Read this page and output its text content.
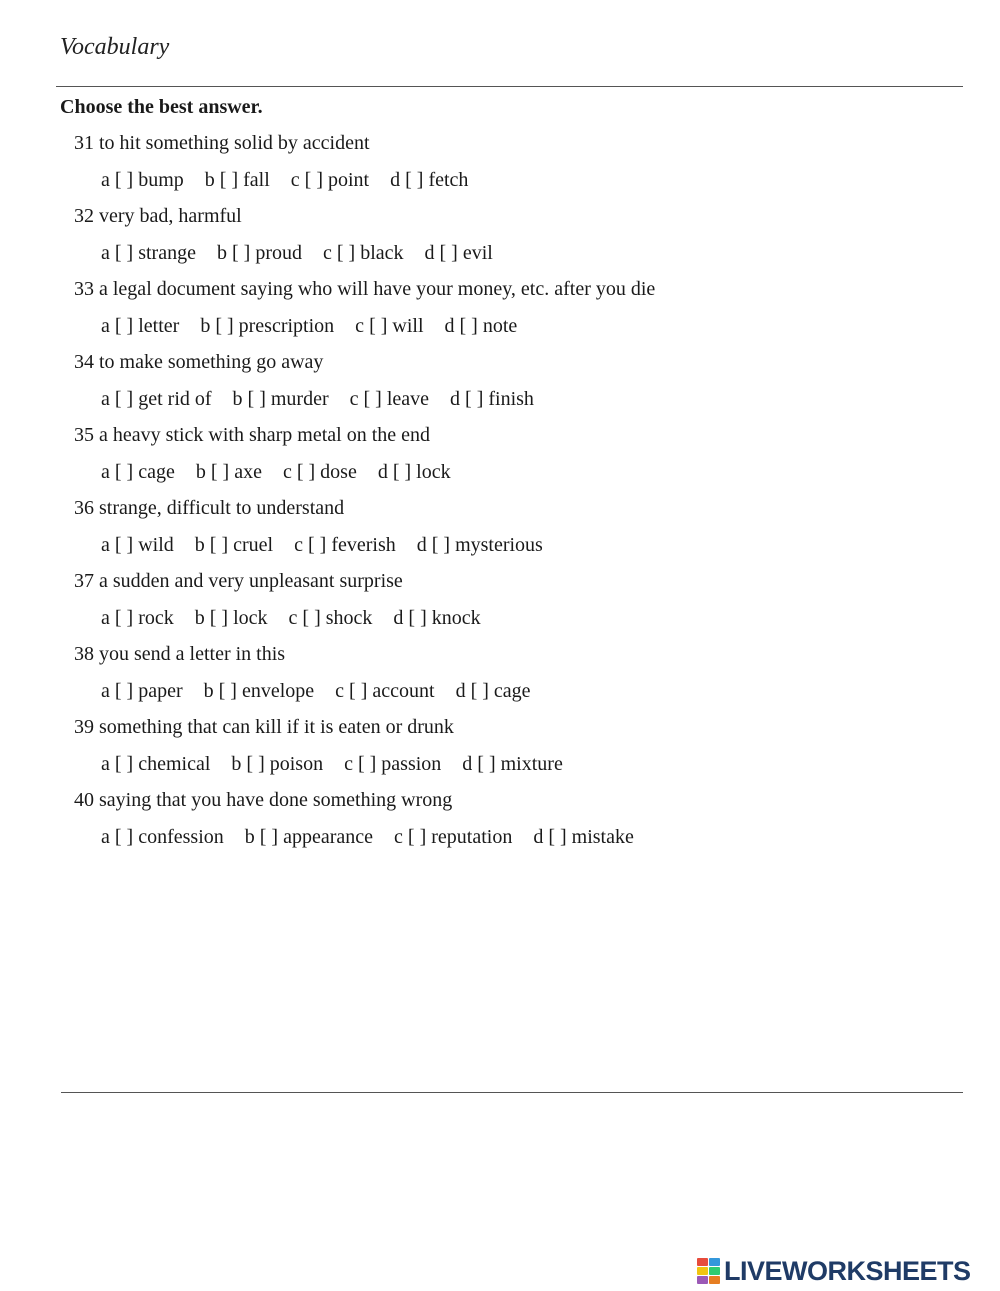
Vocabulary

Choose the best answer.

31 to hit something solid by accident
a [ ] bump b [ ] fall c [ ] point d [ ] fetch
32 very bad, harmful
a [ ] strange b [ ] proud c [ ] black d [ ] evil
33 a legal document saying who will have your money, etc. after you die
a [ ] letter b [ ] prescription c [ ] will d [ ] note
34 to make something go away
a [ ] get rid of b [ ] murder c [ ] leave d [ ] finish
35 a heavy stick with sharp metal on the end
a [ ] cage b [ ] axe c [ ] dose d [ ] lock
36 strange, difficult to understand
a [ ] wild b [ ] cruel c [ ] feverish d [ ] mysterious
37 a sudden and very unpleasant surprise
a [ ] rock b [ ] lock c [ ] shock d [ ] knock
38 you send a letter in this
a [ ] paper b [ ] envelope c [ ] account d [ ] cage
39 something that can kill if it is eaten or drunk
a [ ] chemical b [ ] poison c [ ] passion d [ ] mixture
40 saying that you have done something wrong
a [ ] confession b [ ] appearance c [ ] reputation d [ ] mistake
LIVEWORKSHEETS
